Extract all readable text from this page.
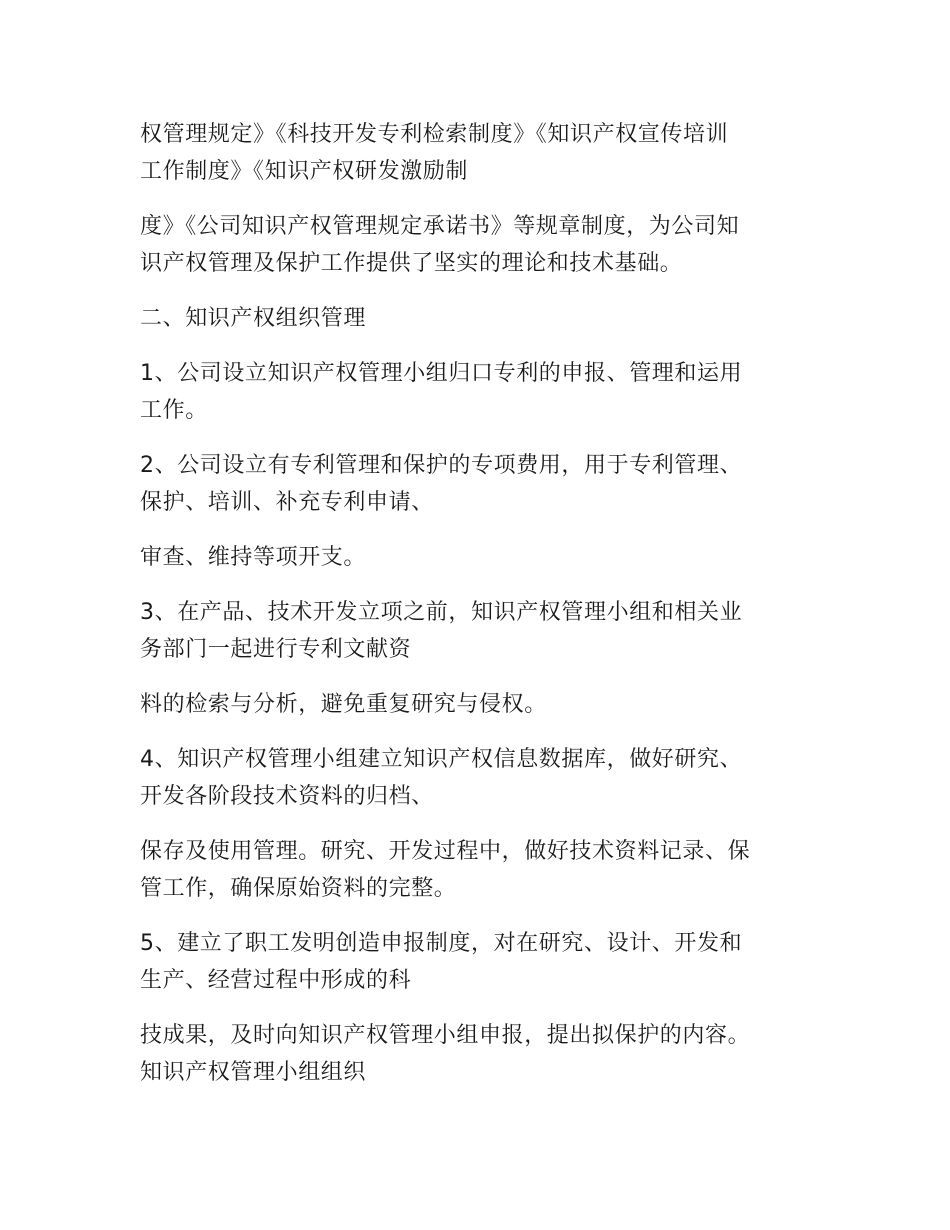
权管理规定》《科技开发专利检索制度》《知识产权宣传培训
工作制度》《知识产权研发激励制

度》《公司知识产权管理规定承诺书》等规章制度，为公司知
识产权管理及保护工作提供了坚实的理论和技术基础。

二、知识产权组织管理

1、公司设立知识产权管理小组归口专利的申报、管理和运用
工作。

2、公司设立有专利管理和保护的专项费用，用于专利管理、
保护、培训、补充专利申请、

审查、维持等项开支。

3、在产品、技术开发立项之前，知识产权管理小组和相关业
务部门一起进行专利文献资

料的检索与分析，避免重复研究与侵权。

4、知识产权管理小组建立知识产权信息数据库，做好研究、
开发各阶段技术资料的归档、

保存及使用管理。研究、开发过程中，做好技术资料记录、保
管工作，确保原始资料的完整。

5、建立了职工发明创造申报制度，对在研究、设计、开发和
生产、经营过程中形成的科

技成果，及时向知识产权管理小组申报，提出拟保护的内容。
知识产权管理小组组织
